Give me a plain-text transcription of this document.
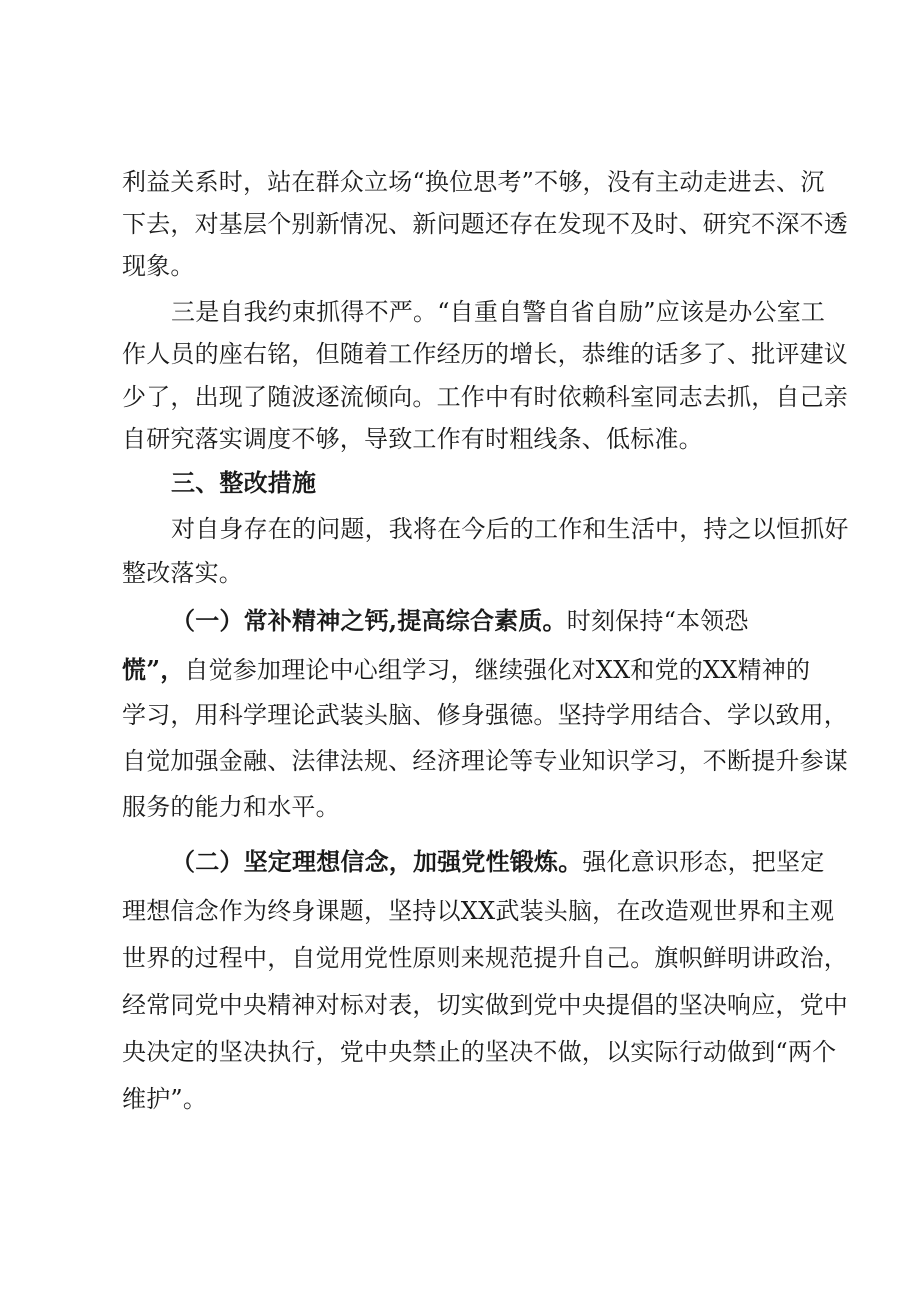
利益关系时，站在群众立场“换位思考”不够，没有主动走进去、沉
下去，对基层个别新情况、新问题还存在发现不及时、研究不深不透
现象。
三是自我约束抓得不严。“自重自警自省自励”应该是办公室工
作人员的座右铭，但随着工作经历的增长，恭维的话多了、批评建议
少了，出现了随波逐流倾向。工作中有时依赖科室同志去抓，自己亲
自研究落实调度不够，导致工作有时粗线条、低标准。
三、整改措施
对自身存在的问题，我将在今后的工作和生活中，持之以恒抓好
整改落实。
（一）常补精神之钙,提高综合素质。时刻保持“本领恐
慌”，自觉参加理论中心组学习，继续强化对XX和党的XX精神的
学习，用科学理论武装头脑、修身强德。坚持学用结合、学以致用，
自觉加强金融、法律法规、经济理论等专业知识学习，不断提升参谋
服务的能力和水平。
（二）坚定理想信念，加强党性锻炼。强化意识形态，把坚定
理想信念作为终身课题，坚持以XX武装头脑，在改造观世界和主观
世界的过程中，自觉用党性原则来规范提升自己。旗帜鲜明讲政治，
经常同党中央精神对标对表，切实做到党中央提倡的坚决响应，党中
央决定的坚决执行，党中央禁止的坚决不做，以实际行动做到“两个
维护”。
